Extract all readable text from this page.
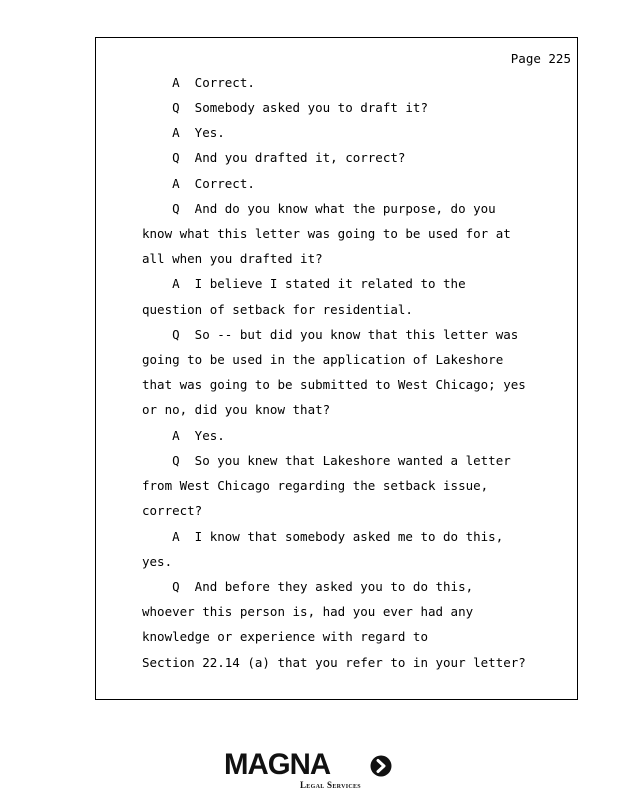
Page 225
A  Correct.
Q  Somebody asked you to draft it?
A  Yes.
Q  And you drafted it, correct?
A  Correct.
Q  And do you know what the purpose, do you
know what this letter was going to be used for at
all when you drafted it?
A  I believe I stated it related to the
question of setback for residential.
Q  So -- but did you know that this letter was
going to be used in the application of Lakeshore
that was going to be submitted to West Chicago; yes
or no, did you know that?
A  Yes.
Q  So you knew that Lakeshore wanted a letter
from West Chicago regarding the setback issue,
correct?
A  I know that somebody asked me to do this,
yes.
Q  And before they asked you to do this,
whoever this person is, had you ever had any
knowledge or experience with regard to
Section 22.14 (a) that you refer to in your letter?
MAGNA
Legal Services
